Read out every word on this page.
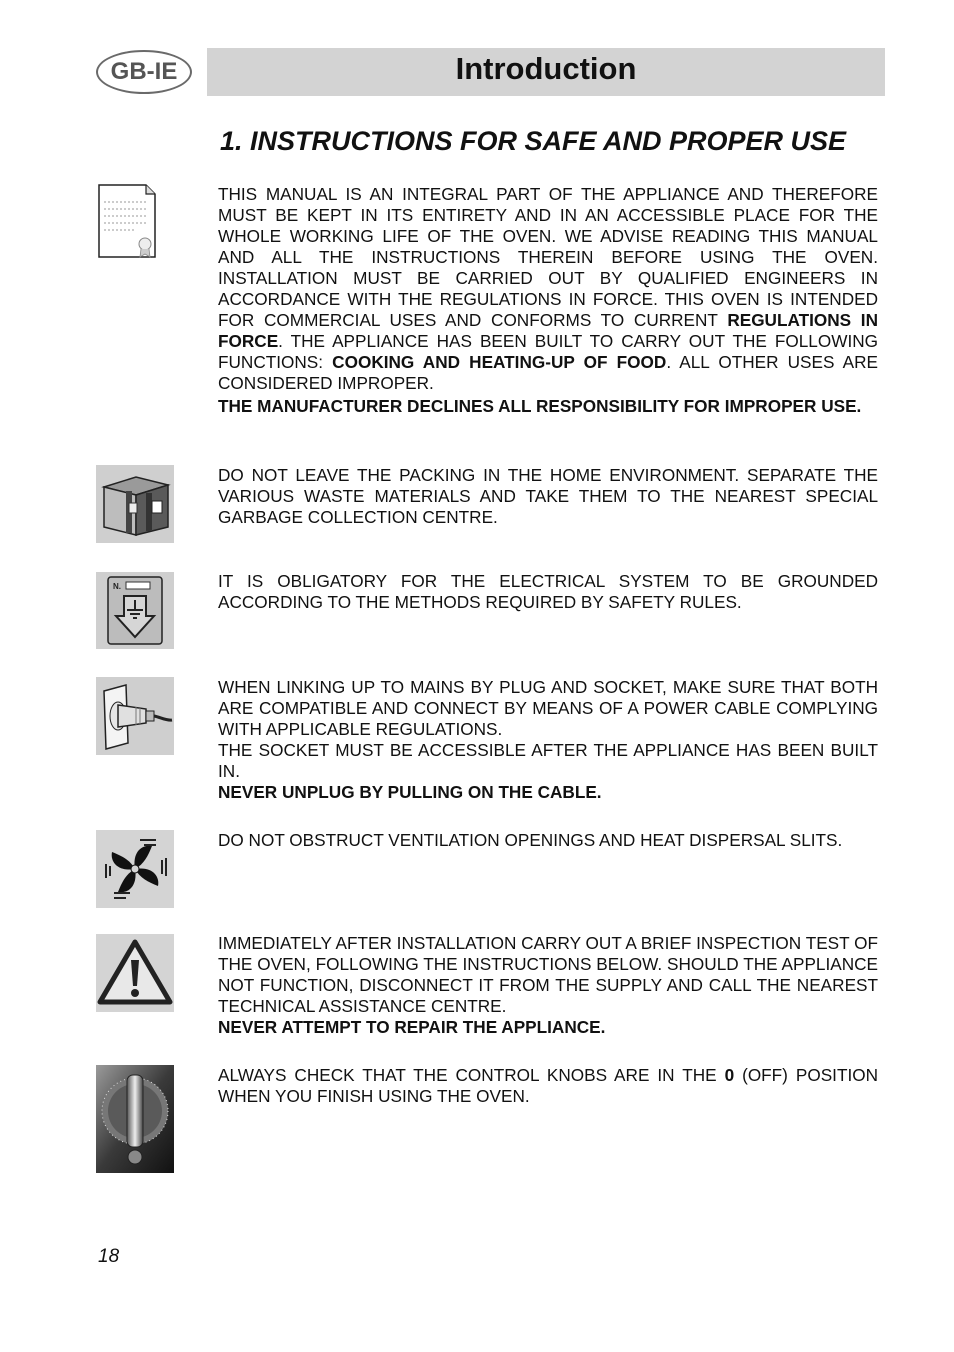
GB-IE	Introduction
1. INSTRUCTIONS FOR SAFE AND PROPER USE

THIS MANUAL IS AN INTEGRAL PART OF THE APPLIANCE AND THEREFORE MUST BE KEPT IN ITS ENTIRETY AND IN AN ACCESSIBLE PLACE FOR THE WHOLE WORKING LIFE OF THE OVEN. WE ADVISE READING THIS MANUAL AND ALL THE INSTRUCTIONS THEREIN BEFORE USING THE OVEN. INSTALLATION MUST BE CARRIED OUT BY QUALIFIED ENGINEERS IN ACCORDANCE WITH THE REGULATIONS IN FORCE. THIS OVEN IS INTENDED FOR COMMERCIAL USES AND CONFORMS TO CURRENT REGULATIONS IN FORCE. THE APPLIANCE HAS BEEN BUILT TO CARRY OUT THE FOLLOWING FUNCTIONS: COOKING AND HEATING-UP OF FOOD. ALL OTHER USES ARE CONSIDERED IMPROPER.

THE MANUFACTURER DECLINES ALL RESPONSIBILITY FOR IMPROPER USE.

DO NOT LEAVE THE PACKING IN THE HOME ENVIRONMENT. SEPARATE THE VARIOUS WASTE MATERIALS AND TAKE THEM TO THE NEAREST SPECIAL GARBAGE COLLECTION CENTRE.

N.	IT IS OBLIGATORY FOR THE ELECTRICAL SYSTEM TO BE GROUNDED ACCORDING TO THE METHODS REQUIRED BY SAFETY RULES.

WHEN LINKING UP TO MAINS BY PLUG AND SOCKET, MAKE SURE THAT BOTH ARE COMPATIBLE AND CONNECT BY MEANS OF A POWER CABLE COMPLYING WITH APPLICABLE REGULATIONS.

THE SOCKET MUST BE ACCESSIBLE AFTER THE APPLIANCE HAS BEEN BUILT IN.

NEVER UNPLUG BY PULLING ON THE CABLE.

DO NOT OBSTRUCT VENTILATION OPENINGS AND HEAT DISPERSAL SLITS.

IMMEDIATELY AFTER INSTALLATION CARRY OUT A BRIEF INSPECTION TEST OF THE OVEN, FOLLOWING THE INSTRUCTIONS BELOW. SHOULD THE APPLIANCE NOT FUNCTION, DISCONNECT IT FROM THE SUPPLY AND CALL THE NEAREST TECHNICAL ASSISTANCE CENTRE.

NEVER ATTEMPT TO REPAIR THE APPLIANCE.

ALWAYS CHECK THAT THE CONTROL KNOBS ARE IN THE 0 (OFF) POSITION WHEN YOU FINISH USING THE OVEN.

18
